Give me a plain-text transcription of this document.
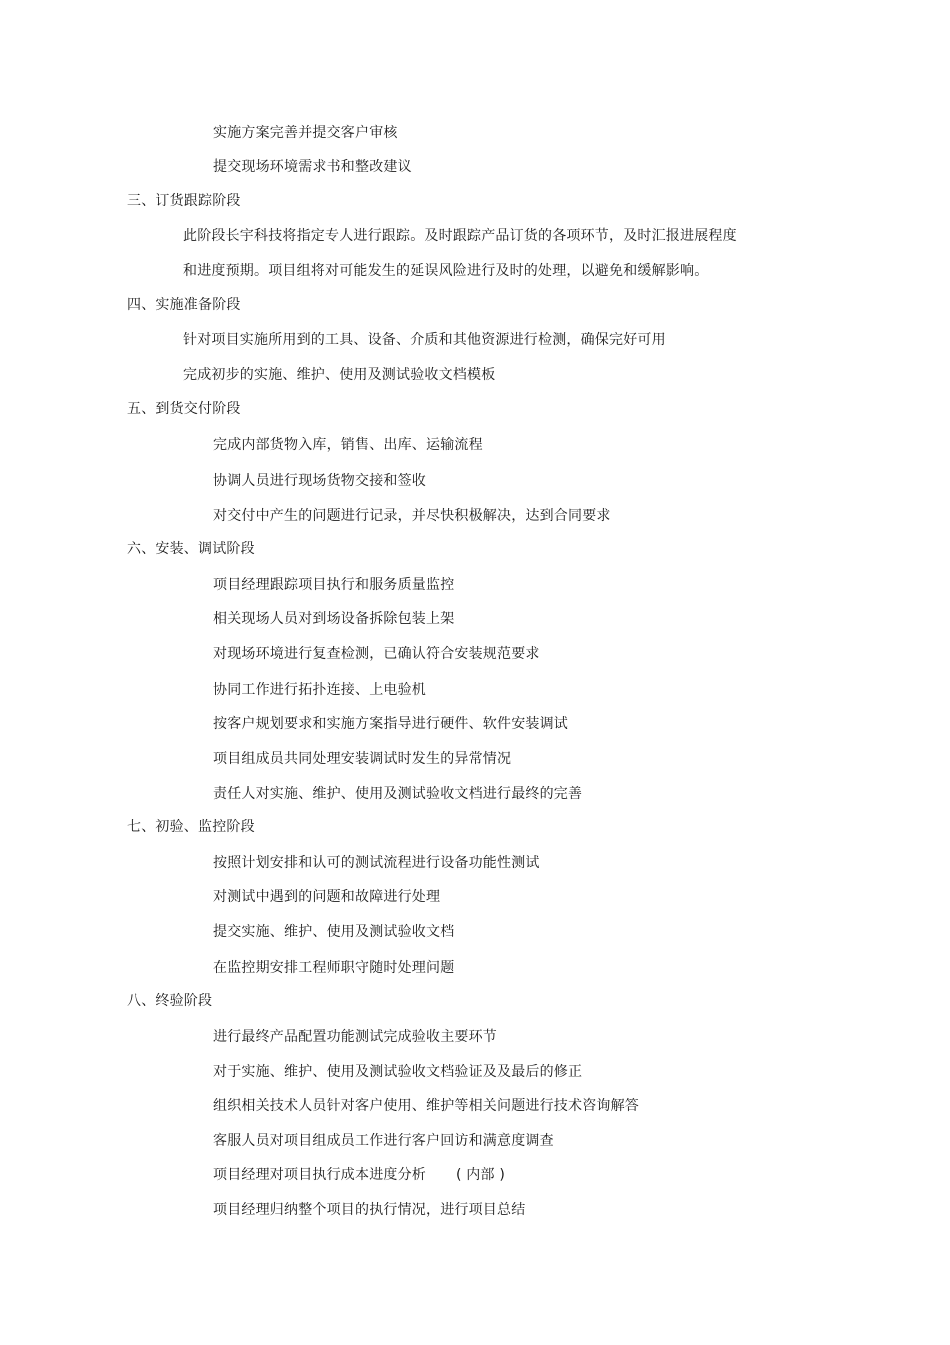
实施方案完善并提交客户审核
提交现场环境需求书和整改建议
三、订货跟踪阶段
此阶段长宇科技将指定专人进行跟踪。及时跟踪产品订货的各项环节，及时汇报进展程度
和进度预期。项目组将对可能发生的延误风险进行及时的处理，以避免和缓解影响。
四、实施准备阶段
针对项目实施所用到的工具、设备、介质和其他资源进行检测，确保完好可用
完成初步的实施、维护、使用及测试验收文档模板
五、到货交付阶段
完成内部货物入库，销售、出库、运输流程
协调人员进行现场货物交接和签收
对交付中产生的问题进行记录，并尽快积极解决，达到合同要求
六、安装、调试阶段
项目经理跟踪项目执行和服务质量监控
相关现场人员对到场设备拆除包装上架
对现场环境进行复查检测，已确认符合安装规范要求
协同工作进行拓扑连接、上电验机
按客户规划要求和实施方案指导进行硬件、软件安装调试
项目组成员共同处理安装调试时发生的异常情况
责任人对实施、维护、使用及测试验收文档进行最终的完善
七、初验、监控阶段
按照计划安排和认可的测试流程进行设备功能性测试
对测试中遇到的问题和故障进行处理
提交实施、维护、使用及测试验收文档
在监控期安排工程师职守随时处理问题
八、终验阶段
进行最终产品配置功能测试完成验收主要环节
对于实施、维护、使用及测试验收文档验证及及最后的修正
组织相关技术人员针对客户使用、维护等相关问题进行技术咨询解答
客服人员对项目组成员工作进行客户回访和满意度调查
项目经理对项目执行成本进度分析 ( 内部 )
项目经理归纳整个项目的执行情况，进行项目总结
